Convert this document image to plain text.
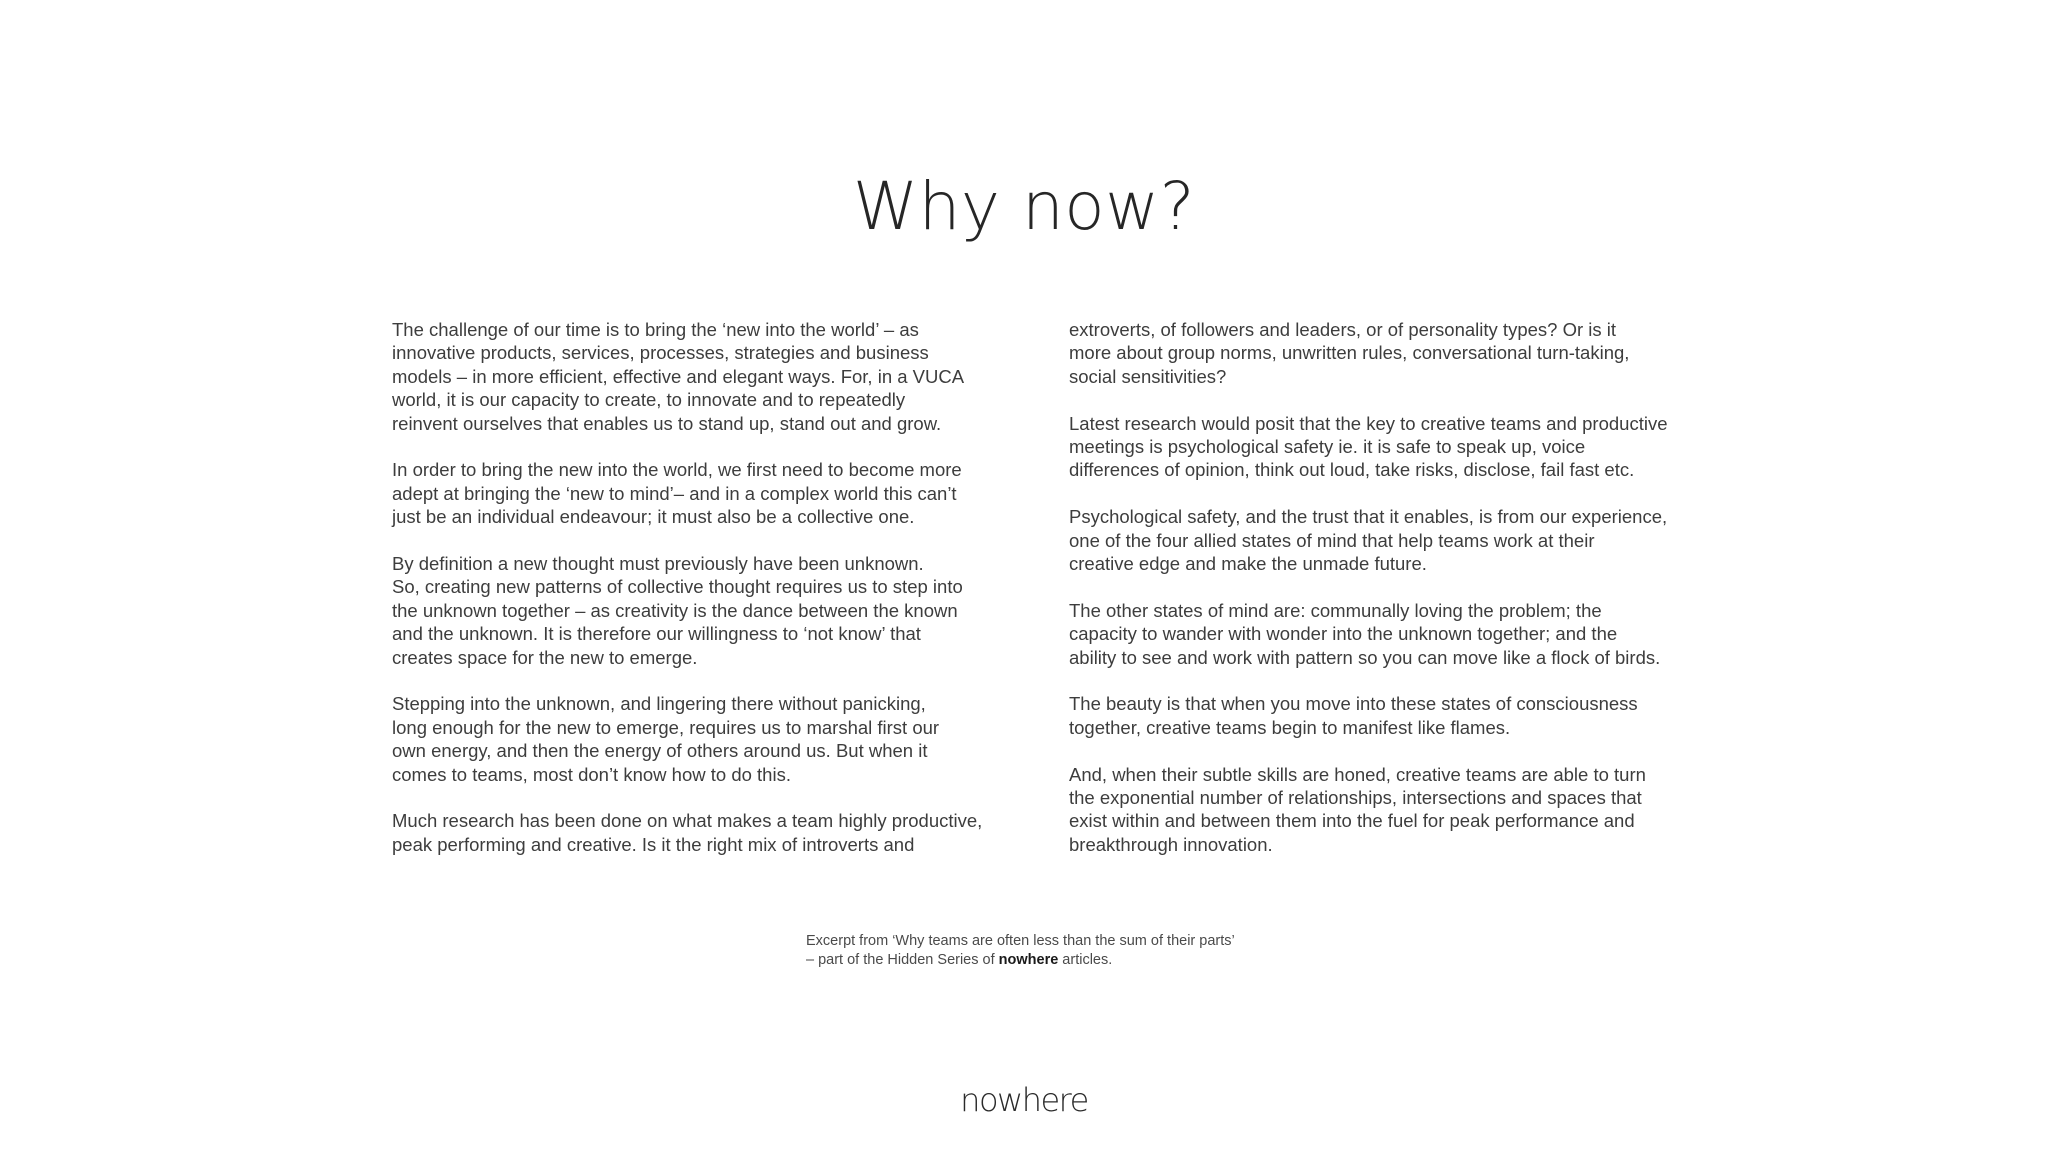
Why now?

The challenge of our time is to bring the ‘new into the world’ – as
innovative products, services, processes, strategies and business
models – in more efficient, effective and elegant ways. For, in a VUCA
world, it is our capacity to create, to innovate and to repeatedly
reinvent ourselves that enables us to stand up, stand out and grow.

In order to bring the new into the world, we first need to become more
adept at bringing the ‘new to mind’– and in a complex world this can’t
just be an individual endeavour; it must also be a collective one.

By definition a new thought must previously have been unknown.
So, creating new patterns of collective thought requires us to step into
the unknown together – as creativity is the dance between the known
and the unknown. It is therefore our willingness to ‘not know’ that
creates space for the new to emerge.

Stepping into the unknown, and lingering there without panicking,
long enough for the new to emerge, requires us to marshal first our
own energy, and then the energy of others around us. But when it
comes to teams, most don’t know how to do this.

Much research has been done on what makes a team highly productive,
peak performing and creative. Is it the right mix of introverts and

extroverts, of followers and leaders, or of personality types? Or is it
more about group norms, unwritten rules, conversational turn-taking,
social sensitivities?

Latest research would posit that the key to creative teams and productive
meetings is psychological safety ie. it is safe to speak up, voice
differences of opinion, think out loud, take risks, disclose, fail fast etc.

Psychological safety, and the trust that it enables, is from our experience,
one of the four allied states of mind that help teams work at their
creative edge and make the unmade future.

The other states of mind are: communally loving the problem; the
capacity to wander with wonder into the unknown together; and the
ability to see and work with pattern so you can move like a flock of birds.

The beauty is that when you move into these states of consciousness
together, creative teams begin to manifest like flames.

And, when their subtle skills are honed, creative teams are able to turn
the exponential number of relationships, intersections and spaces that
exist within and between them into the fuel for peak performance and
breakthrough innovation.

Excerpt from ‘Why teams are often less than the sum of their parts’
– part of the Hidden Series of nowhere articles.
nowhere
